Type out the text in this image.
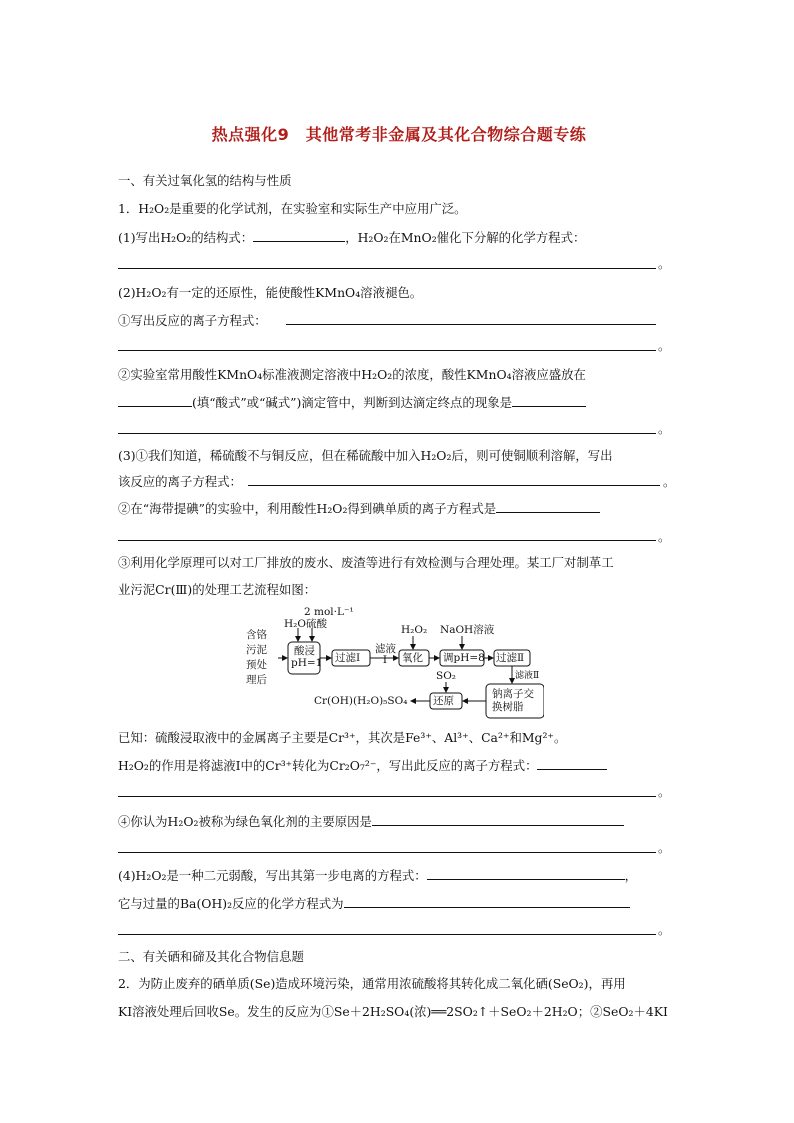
热点强化9　其他常考非金属及其化合物综合题专练
一、有关过氧化氢的结构与性质
1．H₂O₂是重要的化学试剂，在实验室和实际生产中应用广泛。
(1)写出H₂O₂的结构式：	，H₂O₂在MnO₂催化下分解的化学方程式：
。
(2)H₂O₂有一定的还原性，能使酸性KMnO₄溶液褪色。
①写出反应的离子方程式：
。
②实验室常用酸性KMnO₄标准液测定溶液中H₂O₂的浓度，酸性KMnO₄溶液应盛放在
(填“酸式”或“碱式”)滴定管中，判断到达滴定终点的现象是
。
(3)①我们知道，稀硫酸不与铜反应，但在稀硫酸中加入H₂O₂后，则可使铜顺利溶解，写出
该反应的离子方程式：	。
②在“海带提碘”的实验中，利用酸性H₂O₂得到碘单质的离子方程式是
。
③利用化学原理可以对工厂排放的废水、废渣等进行有效检测与合理处理。某工厂对制革工
业污泥Cr(Ⅲ)的处理工艺流程如图：
含铬
污泥
预处
理后
2 mol·L⁻¹
H₂O 硫酸
酸浸
pH=1 过滤Ⅰ
滤液
Ⅰ
H₂O₂
氧化
NaOH溶液
调pH=8 过滤Ⅱ
滤液Ⅱ
钠离子交
换树脂
SO₂
还原
Cr(OH)(H₂O)₅SO₄
已知：硫酸浸取液中的金属离子主要是Cr³⁺，其次是Fe³⁺、Al³⁺、Ca²⁺和Mg²⁺。
H₂O₂的作用是将滤液Ⅰ中的Cr³⁺转化为Cr₂O₇²⁻，写出此反应的离子方程式：
。
④你认为H₂O₂被称为绿色氧化剂的主要原因是
。
(4)H₂O₂是一种二元弱酸，写出其第一步电离的方程式：	，
它与过量的Ba(OH)₂反应的化学方程式为
。
二、有关硒和碲及其化合物信息题
2．为防止废弃的硒单质(Se)造成环境污染，通常用浓硫酸将其转化成二氧化硒(SeO₂)，再用
KI溶液处理后回收Se。发生的反应为①Se＋2H₂SO₄(浓)══2SO₂↑＋SeO₂＋2H₂O；②SeO₂＋4KI
